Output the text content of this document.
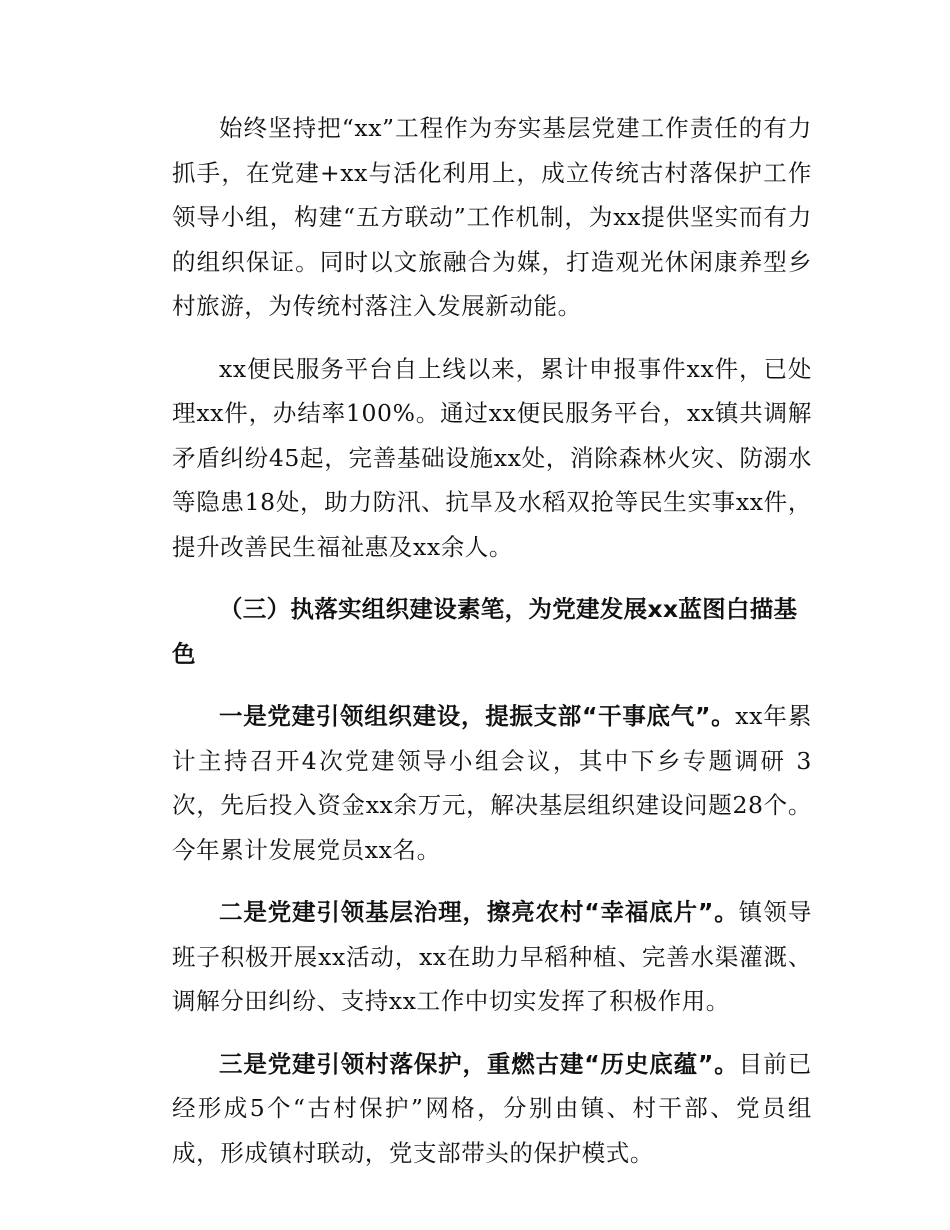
始终坚持把“xx”工程作为夯实基层党建工作责任的有力抓手，在党建+xx与活化利用上，成立传统古村落保护工作领导小组，构建“五方联动”工作机制，为xx提供坚实而有力的组织保证。同时以文旅融合为媒，打造观光休闲康养型乡村旅游，为传统村落注入发展新动能。

xx便民服务平台自上线以来，累计申报事件xx件，已处理xx件，办结率100%。通过xx便民服务平台，xx镇共调解矛盾纠纷45起，完善基础设施xx处，消除森林火灾、防溺水等隐患18处，助力防汛、抗旱及水稻双抢等民生实事xx件，提升改善民生福祉惠及xx余人。

（三）执落实组织建设素笔，为党建发展xx蓝图白描基色

一是党建引领组织建设，提振支部“干事底气”。xx年累计主持召开4次党建领导小组会议，其中下乡专题调研 3次，先后投入资金xx余万元，解决基层组织建设问题28个。今年累计发展党员xx名。

二是党建引领基层治理，擦亮农村“幸福底片”。镇领导班子积极开展xx活动，xx在助力早稻种植、完善水渠灌溉、调解分田纠纷、支持xx工作中切实发挥了积极作用。

三是党建引领村落保护，重燃古建“历史底蕴”。目前已经形成5个“古村保护”网格，分别由镇、村干部、党员组成，形成镇村联动，党支部带头的保护模式。
